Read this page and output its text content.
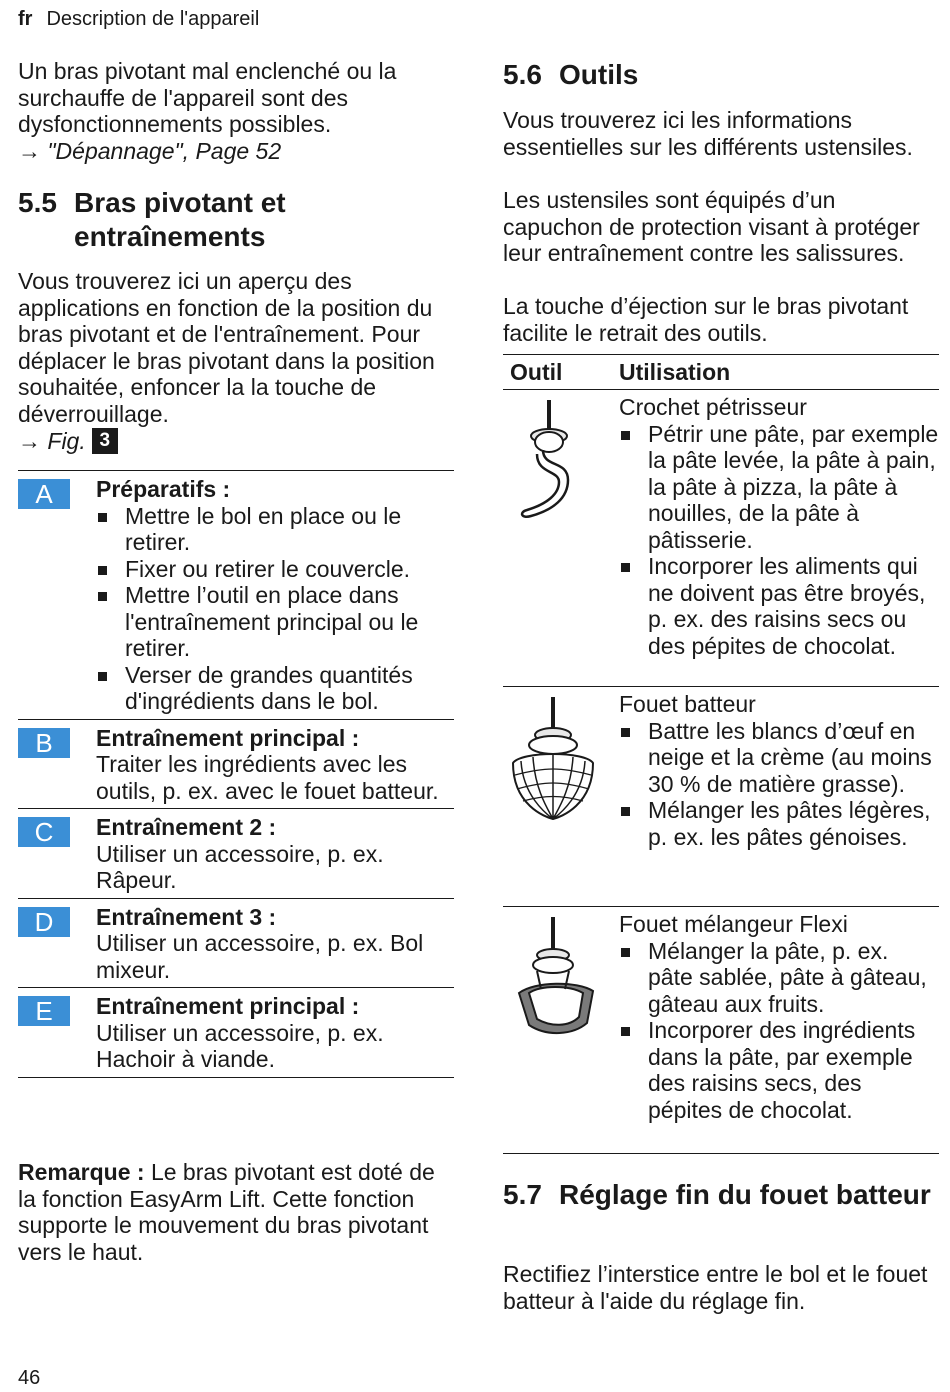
fr Description de l'appareil

Un bras pivotant mal enclenché ou la surchauffe de l'appareil sont des dysfonctionnements possibles.

→ "Dépannage", Page 52
5.5 Bras pivotant et entraînements

Vous trouverez ici un aperçu des applications en fonction de la position du bras pivotant et de l'entraînement. Pour déplacer le bras pivotant dans la position souhaitée, enfoncer la la touche de déverrouillage.

→ Fig. 3
A	Préparatifs :
Mettre le bol en place ou le retirer.
Fixer ou retirer le couvercle.
Mettre l’outil en place dans l'entraînement principal ou le retirer.
Verser de grandes quantités d'ingrédients dans le bol.
B	Entraînement principal :
Traiter les ingrédients avec les outils, p. ex. avec le fouet batteur.
C	Entraînement 2 :
Utiliser un accessoire, p. ex. Râpeur.
D	Entraînement 3 :
Utiliser un accessoire, p. ex. Bol mixeur.
E	Entraînement principal :
Utiliser un accessoire, p. ex. Hachoir à viande.

Remarque : Le bras pivotant est doté de la fonction EasyArm Lift. Cette fonction supporte le mouvement du bras pivotant vers le haut.

5.6 Outils

Vous trouverez ici les informations essentielles sur les différents ustensiles.

Les ustensiles sont équipés d’un capuchon de protection visant à protéger leur entraînement contre les salissures.

La touche d’éjection sur le bras pivotant facilite le retrait des outils.

Outil	Utilisation
Crochet pétrisseur
Pétrir une pâte, par exemple la pâte levée, la pâte à pain, la pâte à pizza, la pâte à nouilles, de la pâte à pâtisserie.
Incorporer les aliments qui ne doivent pas être broyés, p. ex. des raisins secs ou des pépites de chocolat.
Fouet batteur
Battre les blancs d’œuf en neige et la crème (au moins 30 % de matière grasse).
Mélanger les pâtes légères, p. ex. les pâtes génoises.
Fouet mélangeur Flexi
Mélanger la pâte, p. ex. pâte sablée, pâte à gâteau, gâteau aux fruits.
Incorporer des ingrédients dans la pâte, par exemple des raisins secs, des pépites de chocolat.
5.7 Réglage fin du fouet batteur

Rectifiez l’interstice entre le bol et le fouet batteur à l'aide du réglage fin.

46
